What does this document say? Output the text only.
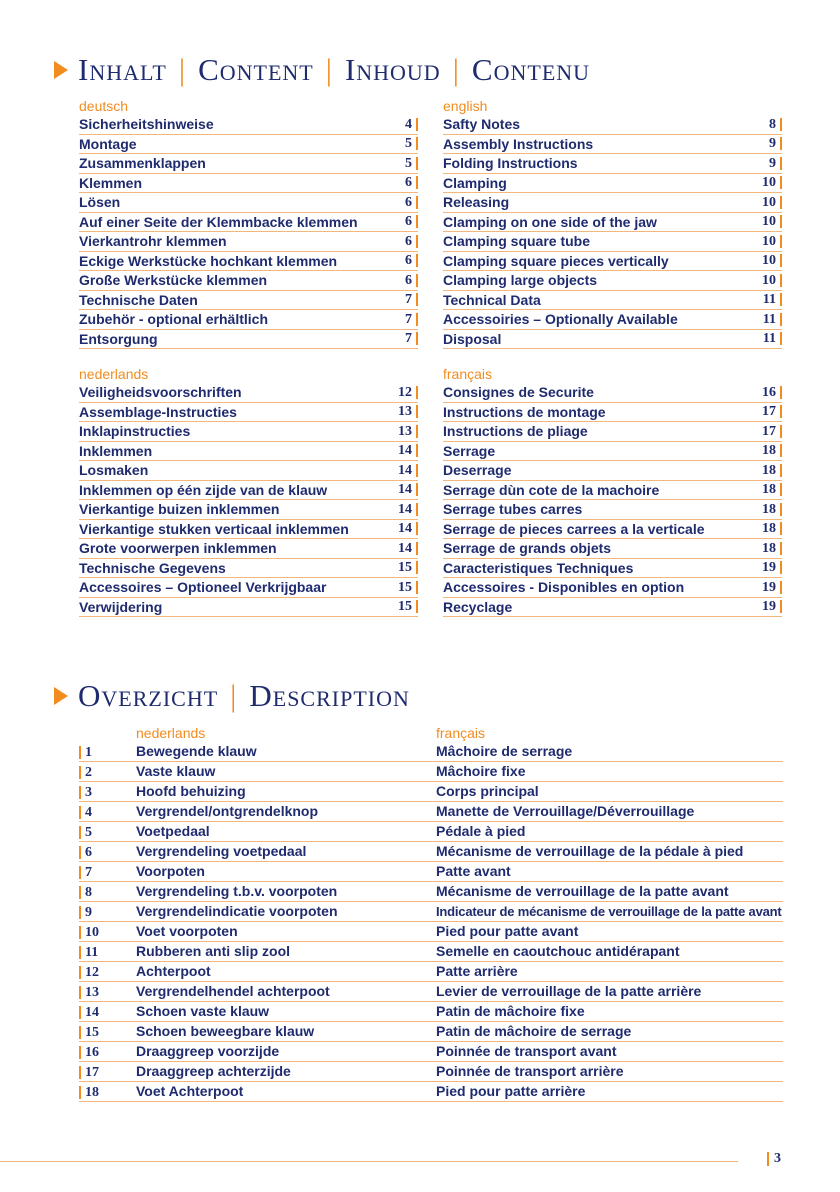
Inhalt | Content | Inhoud | Contenu
deutsch
Sicherheitshinweise	4
Montage	5
Zusammenklappen	5
Klemmen	6
Lösen	6
Auf einer Seite der Klemmbacke klemmen	6
Vierkantrohr klemmen	6
Eckige Werkstücke hochkant klemmen	6
Große Werkstücke klemmen	6
Technische Daten	7
Zubehör - optional erhältlich	7
Entsorgung	7
english
Safty Notes	8
Assembly Instructions	9
Folding Instructions	9
Clamping	10
Releasing	10
Clamping on one side of the jaw	10
Clamping square tube	10
Clamping square pieces vertically	10
Clamping large objects	10
Technical Data	11
Accessoiries – Optionally Available	11
Disposal	11
nederlands
Veiligheidsvoorschriften	12
Assemblage-Instructies	13
Inklapinstructies	13
Inklemmen	14
Losmaken	14
Inklemmen op één zijde van de klauw	14
Vierkantige buizen inklemmen	14
Vierkantige stukken verticaal inklemmen	14
Grote voorwerpen inklemmen	14
Technische Gegevens	15
Accessoires – Optioneel Verkrijgbaar	15
Verwijdering	15
français
Consignes de Securite	16
Instructions de montage	17
Instructions de pliage	17
Serrage	18
Deserrage	18
Serrage dùn cote de la machoire	18
Serrage tubes carres	18
Serrage de pieces carrees a la verticale	18
Serrage de grands objets	18
Caracteristiques Techniques	19
Accessoires - Disponibles en option	19
Recyclage	19
Overzicht | Description
nederlands	français
1	Bewegende klauw	Mâchoire de serrage
2	Vaste klauw	Mâchoire fixe
3	Hoofd behuizing	Corps principal
4	Vergrendel/ontgrendelknop	Manette de Verrouillage/Déverrouillage
5	Voetpedaal	Pédale à pied
6	Vergrendeling voetpedaal	Mécanisme de verrouillage de la pédale à pied
7	Voorpoten	Patte avant
8	Vergrendeling t.b.v. voorpoten	Mécanisme de verrouillage de la patte avant
9	Vergrendelindicatie voorpoten	Indicateur de mécanisme de verrouillage de la patte avant
10	Voet voorpoten	Pied pour patte avant
11	Rubberen anti slip zool	Semelle en caoutchouc antidérapant
12	Achterpoot	Patte arrière
13	Vergrendelhendel achterpoot	Levier de verrouillage de la patte arrière
14	Schoen vaste klauw	Patin de mâchoire fixe
15	Schoen beweegbare klauw	Patin de mâchoire de serrage
16	Draaggreep voorzijde	Poinnée de transport avant
17	Draaggreep achterzijde	Poinnée de transport arrière
18	Voet Achterpoot	Pied pour patte arrière
3
